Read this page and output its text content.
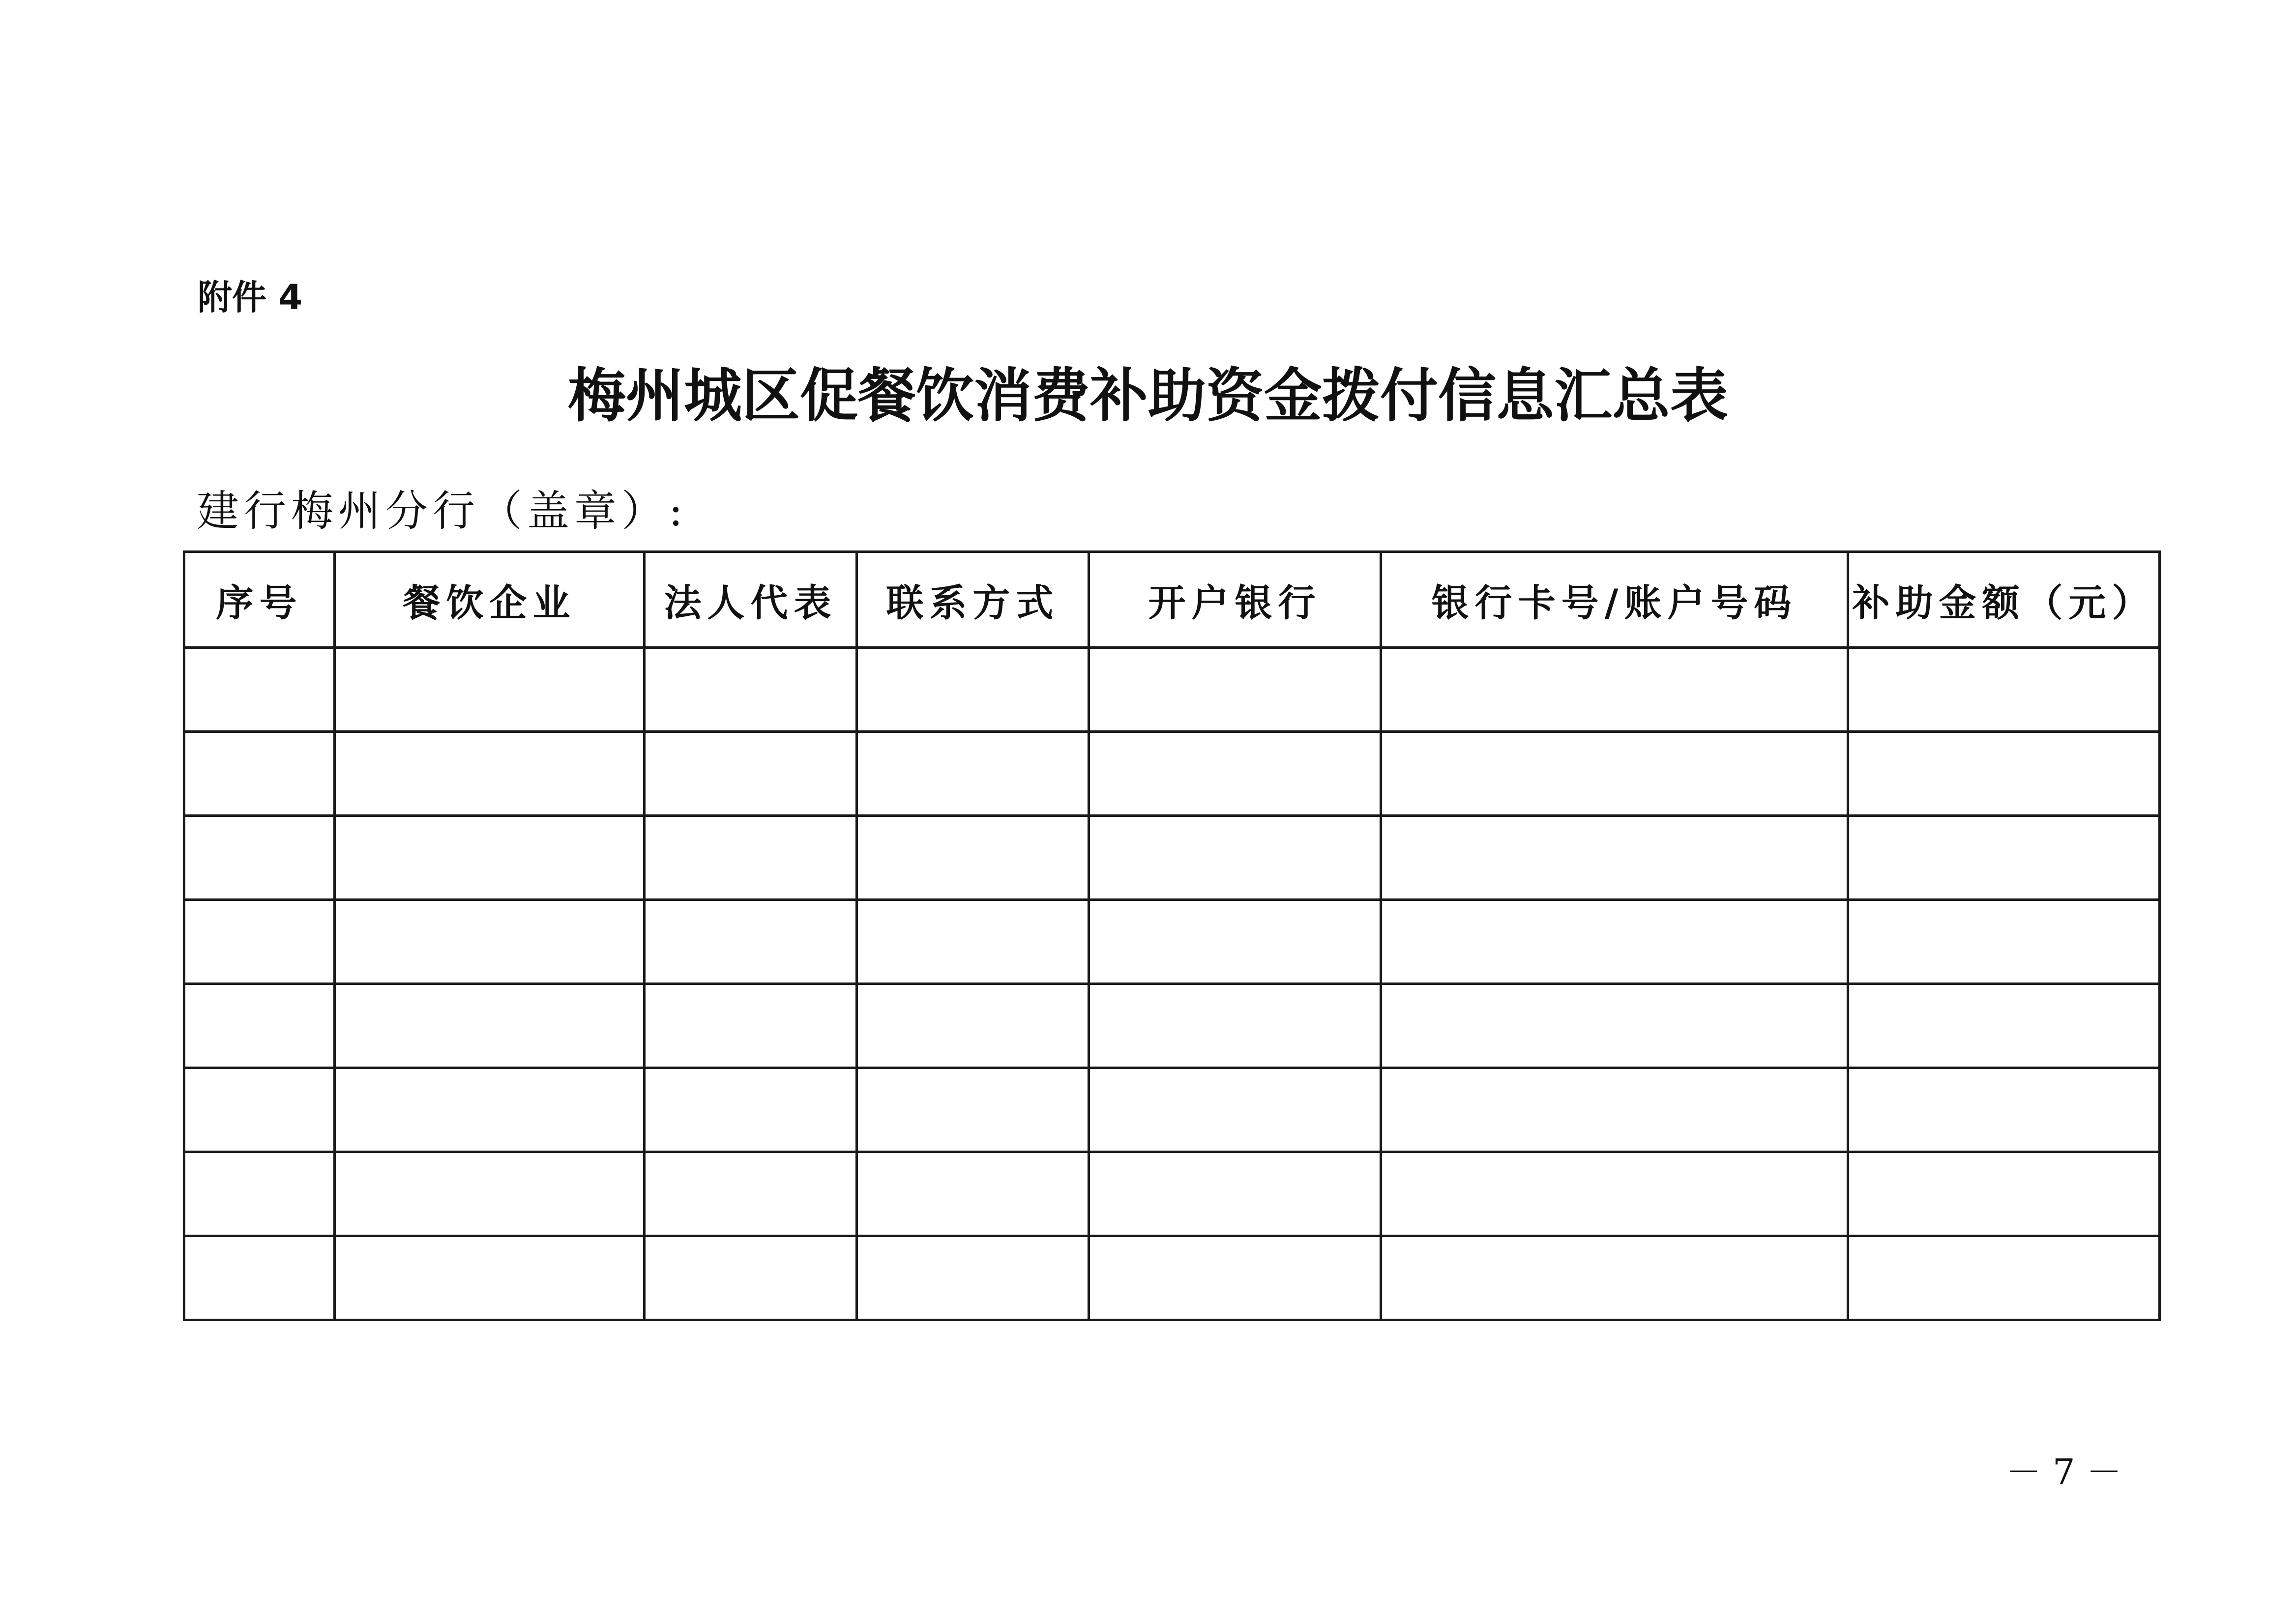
附件 4
梅州城区促餐饮消费补助资金拨付信息汇总表
建行梅州分行（盖章）:
序号	餐饮企业	法人代表	联系方式	开户银行	银行卡号/账户号码	补助金额（元）

－ 7 －
